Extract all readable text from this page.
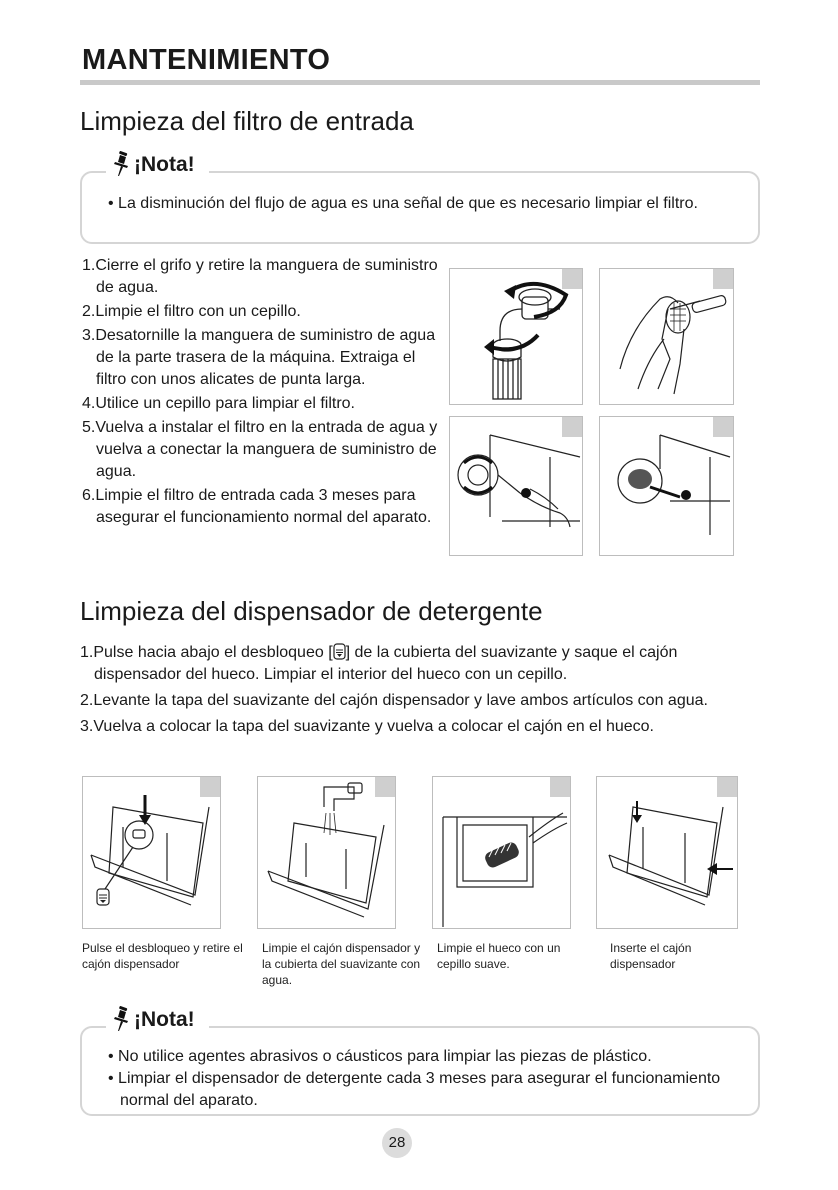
MANTENIMIENTO
Limpieza del filtro de entrada
¡Nota!
• La disminución del flujo de agua es una señal de que es necesario limpiar el filtro.
1.Cierre el grifo y retire la manguera de suministro de agua.
2.Limpie el filtro con un cepillo.
3.Desatornille la manguera de suministro de agua de la parte trasera de la máquina. Extraiga el filtro con unos alicates de punta larga.
4.Utilice un cepillo para limpiar el filtro.
5.Vuelva a instalar el filtro en la entrada de agua y vuelva a conectar la manguera de suministro de agua.
6.Limpie el filtro de entrada cada 3 meses para asegurar el funcionamiento normal del aparato.
Limpieza del dispensador de detergente
1.Pulse hacia abajo el desbloqueo [ ] de la cubierta del suavizante y saque el cajón dispensador del hueco. Limpiar el interior del hueco con un cepillo.
2.Levante la tapa del suavizante del cajón dispensador y lave ambos artículos con agua.
3.Vuelva a colocar la tapa del suavizante y vuelva a colocar el cajón en el hueco.
Pulse el desbloqueo y retire el cajón dispensador
Limpie el cajón dispensador y la cubierta del suavizante con agua.
Limpie el hueco con un cepillo suave.
Inserte el cajón dispensador
¡Nota!
• No utilice agentes abrasivos o cáusticos para limpiar las piezas de plástico.
• Limpiar el dispensador de detergente cada 3 meses para asegurar el funcionamiento normal del aparato.
28
